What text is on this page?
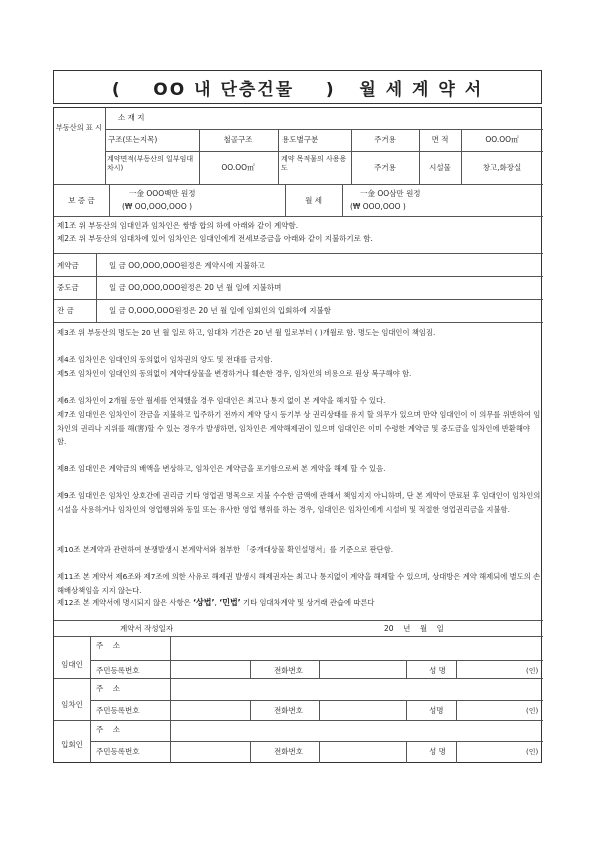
(    OO 내 단층건물    )   월 세 계 약 서
부동산의 표 시
소 재 지
구조(또는지목)	철골구조	용도별구분	주거용	면 적	OO.OO㎡
계약면적(부동산의 일부임대차시)	OO.OO㎡
계약 목적물의 사용용도	주거용	시설물	창고,화장실
보 증 금
一金 OOO백만 원정
(₩ OO,OOO,OOO )
월 세
一金 OO삼만 원정
(₩ OOO,OOO )
제1조 위 부동산의 임대인과 임차인은 쌍방 합의 하에 아래와 같이 계약함.
제2조 위 부동산의 임대차에 있어 임차인은 임대인에게 전세보증금을 아래와 같이 지불하기로 함.
계약금	일 금 OO,OOO,OOO원정은 계약시에 지불하고
중도금	일 금 OO,OOO,OOO원정은 20 년 월 일에 지불하며
잔 금	일 금 O,OOO,OOO원정은 20 년 월 일에 임회인의 입회하에 지불함
제3조 위 부동산의 명도는 20 년 월 일로 하고, 임대차 기간은 20 년 월 일로부터 ( )개월로 함. 명도는 임대인이 책임짐.
제4조 임차인은 임대인의 동의없이 임차권의 양도 및 전대를 금지함.
제5조 임차인이 임대인의 동의없이 계약대상물을 변경하거나 훼손한 경우, 임차인의 비용으로 원상 복구해야 함.
제6조 임차인이 2개월 동안 월세를 연체했을 경우 임대인은 최고나 통지 없이 본 계약을 해지할 수 있다.
제7조 임대인은 임차인이 잔금을 지불하고 입주하기 전까지 계약 당시 등기부 상 권리상태를 유지 할 의무가 있으며 만약 임대인이 이 의무를 위반하여 임차인의 권리나 지위를 해(害)할 수 있는 경우가 발생하면, 임차인은 계약해제권이 있으며 임대인은 이미 수령한 계약금 및 중도금을 임차인에 반환해야 함.
제8조 임대인은 계약금의 배액을 변상하고, 임차인은 계약금을 포기함으로써 본 계약을 해제 할 수 있음.
제9조 임대인은 임차인 상호간에 권리금 기타 영업권 명목으로 지불 수수한 금액에 관해서 책임지지 아니하며, 단 본 계약이 만료된 후 임대인이 임차인의 시설을 사용하거나 임차인의 영업행위와 동일 또는 유사한 영업 행위를 하는 경우, 임대인은 임차인에게 시설비 및 적절한 영업권리금을 지불함.
제10조 본계약과 관련하여 분쟁발생시 본계약서와 첨부한 「중개대상물 확인설명서」를 기준으로 판단함.
제11조 본 계약서 제6조와 제7조에 의한 사유로 해제권 발생시 해제권자는 최고나 통지없이 계약을 해제할 수 있으며, 상대방은 계약 해제되에 별도의 손해배상책임을 지지 않는다.
제12조 본 계약서에 명시되지 않은 사항은 ‘상법’, ‘민법’ 기타 임대차계약 및 상거래 관습에 따른다
계약서 작성일자	20    년    월    일
임대인
주    소
주민등록번호	전화번호	성 명	(인)
임차인
주    소
주민등록번호	전화번호	성명	(인)
입회인
주    소
주민등록번호	전화번호	성 명	(인)
